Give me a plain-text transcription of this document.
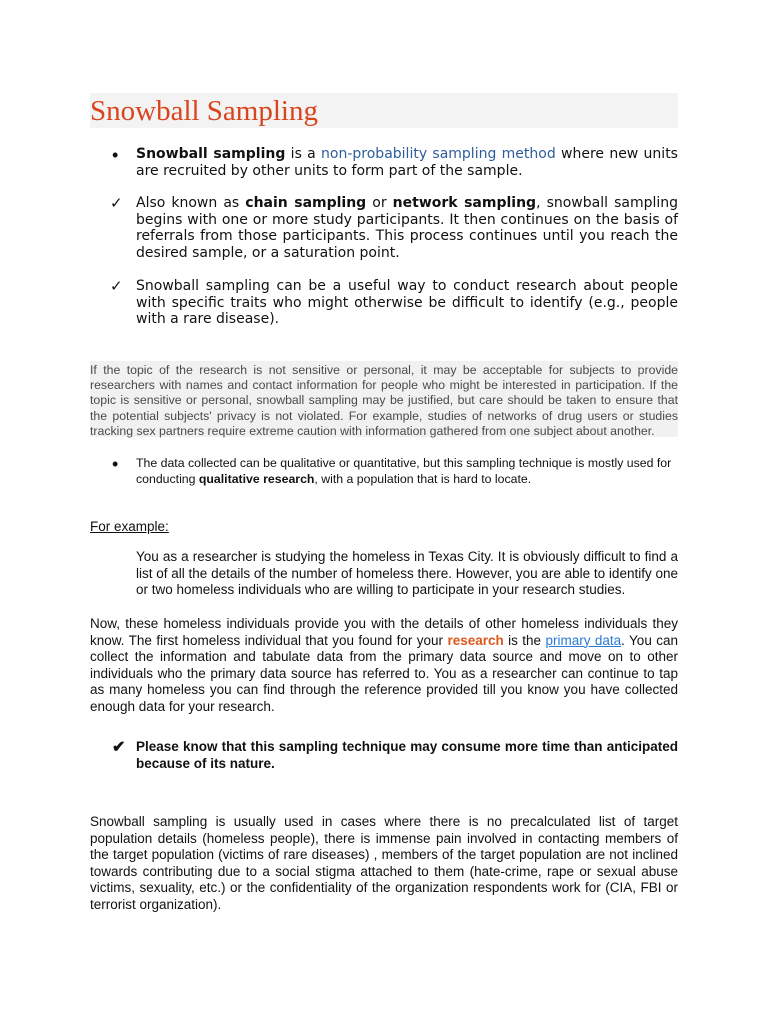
Snowball Sampling
• Snowball sampling is a non-probability sampling method where new units are recruited by other units to form part of the sample.
✓ Also known as chain sampling or network sampling, snowball sampling begins with one or more study participants. It then continues on the basis of referrals from those participants. This process continues until you reach the desired sample, or a saturation point.
✓ Snowball sampling can be a useful way to conduct research about people with specific traits who might otherwise be difficult to identify (e.g., people with a rare disease).
If the topic of the research is not sensitive or personal, it may be acceptable for subjects to provide researchers with names and contact information for people who might be interested in participation. If the topic is sensitive or personal, snowball sampling may be justified, but care should be taken to ensure that the potential subjects' privacy is not violated. For example, studies of networks of drug users or studies tracking sex partners require extreme caution with information gathered from one subject about another.
• The data collected can be qualitative or quantitative, but this sampling technique is mostly used for conducting qualitative research, with a population that is hard to locate.
For example:
You as a researcher is studying the homeless in Texas City. It is obviously difficult to find a list of all the details of the number of homeless there. However, you are able to identify one or two homeless individuals who are willing to participate in your research studies.
Now, these homeless individuals provide you with the details of other homeless individuals they know. The first homeless individual that you found for your research is the primary data. You can collect the information and tabulate data from the primary data source and move on to other individuals who the primary data source has referred to. You as a researcher can continue to tap as many homeless you can find through the reference provided till you know you have collected enough data for your research.
✔ Please know that this sampling technique may consume more time than anticipated because of its nature.
Snowball sampling is usually used in cases where there is no precalculated list of target population details (homeless people), there is immense pain involved in contacting members of the target population (victims of rare diseases) , members of the target population are not inclined towards contributing due to a social stigma attached to them (hate-crime, rape or sexual abuse victims, sexuality, etc.) or the confidentiality of the organization respondents work for (CIA, FBI or terrorist organization).
